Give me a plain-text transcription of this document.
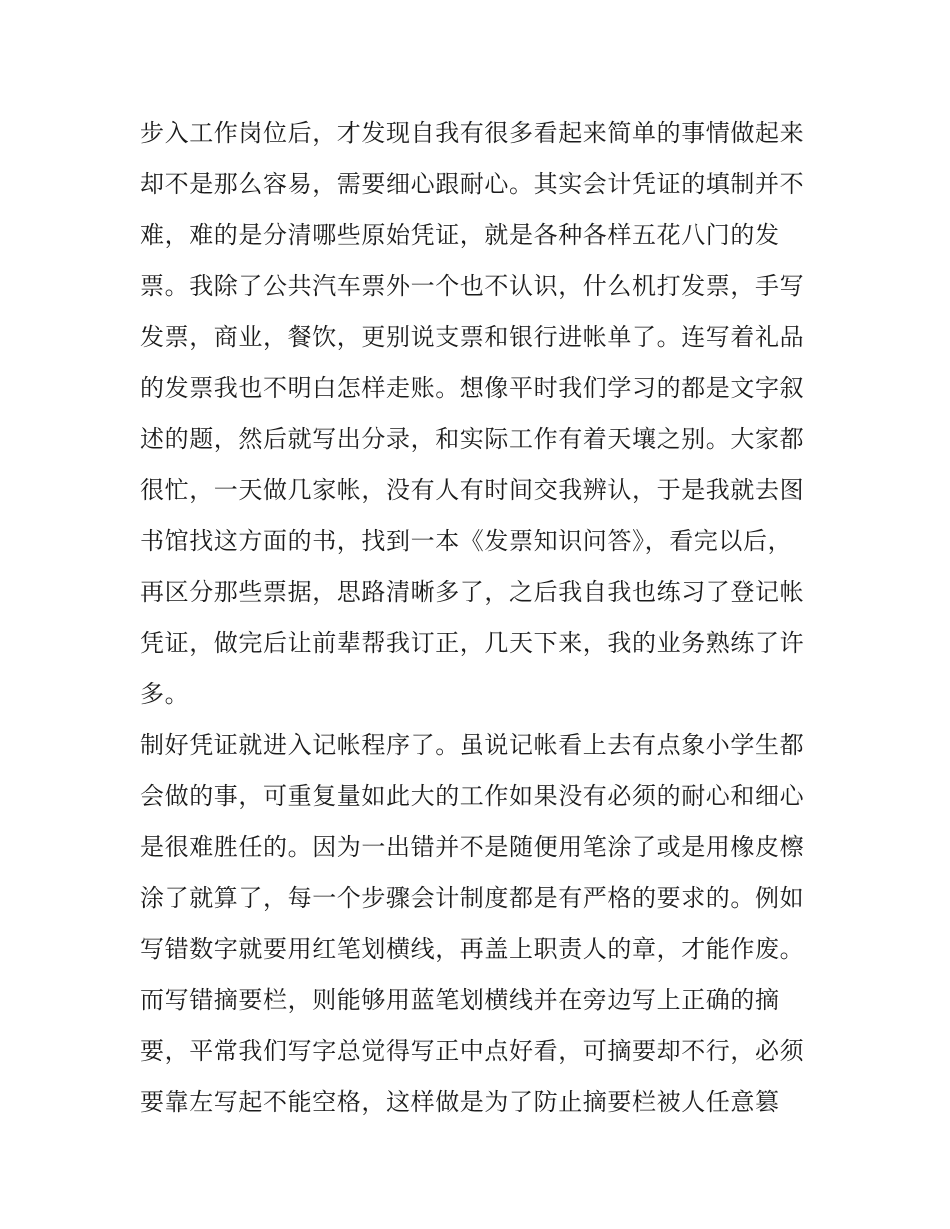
步入工作岗位后，才发现自我有很多看起来简单的事情做起来
却不是那么容易，需要细心跟耐心。其实会计凭证的填制并不
难，难的是分清哪些原始凭证，就是各种各样五花八门的发
票。我除了公共汽车票外一个也不认识，什么机打发票，手写
发票，商业，餐饮，更别说支票和银行进帐单了。连写着礼品
的发票我也不明白怎样走账。想像平时我们学习的都是文字叙
述的题，然后就写出分录，和实际工作有着天壤之别。大家都
很忙，一天做几家帐，没有人有时间交我辨认，于是我就去图
书馆找这方面的书，找到一本《发票知识问答》，看完以后，
再区分那些票据，思路清晰多了，之后我自我也练习了登记帐
凭证，做完后让前辈帮我订正，几天下来，我的业务熟练了许
多。
制好凭证就进入记帐程序了。虽说记帐看上去有点象小学生都
会做的事，可重复量如此大的工作如果没有必须的耐心和细心
是很难胜任的。因为一出错并不是随便用笔涂了或是用橡皮檫
涂了就算了，每一个步骤会计制度都是有严格的要求的。例如
写错数字就要用红笔划横线，再盖上职责人的章，才能作废。
而写错摘要栏，则能够用蓝笔划横线并在旁边写上正确的摘
要，平常我们写字总觉得写正中点好看，可摘要却不行，必须
要靠左写起不能空格，这样做是为了防止摘要栏被人任意篡
